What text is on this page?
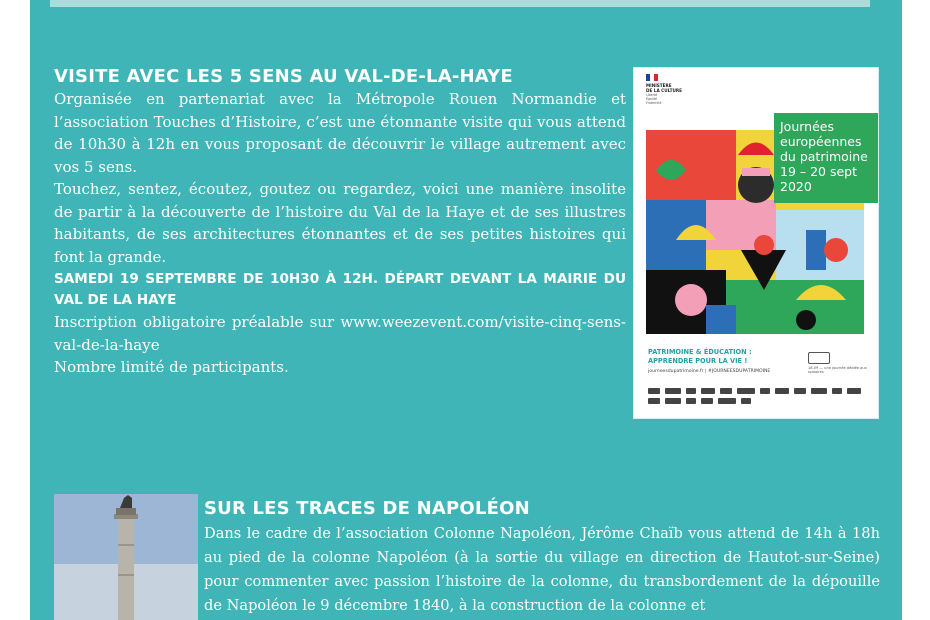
VISITE AVEC LES 5 SENS AU VAL-DE-LA-HAYE

Organisée en partenariat avec la Métropole Rouen Normandie et l’association Touches d’Histoire, c’est une étonnante visite qui vous attend de 10h30 à 12h en vous proposant de découvrir le village autrement avec vos 5 sens.

Touchez, sentez, écoutez, goutez ou regardez, voici une manière insolite de partir à la découverte de l’histoire du Val de la Haye et de ses illustres habitants, de ses architectures étonnantes et de ses petites histoires qui font la grande.

SAMEDI 19 SEPTEMBRE DE 10H30 À 12H. DÉPART DEVANT LA MAIRIE DU VAL DE LA HAYE

Inscription obligatoire préalable sur www.weezevent.com/visite-cinq-sens-val-de-la-haye

Nombre limité de participants.

MINISTÈRE
DE LA CULTURE
Liberté Égalité Fraternité
Journées
européennes
du patrimoine
19 – 20 sept
2020
PATRIMOINE & ÉDUCATION :
APPRENDRE POUR LA VIE !
journeesdupatrimoine.fr | #JOURNEESDUPATRIMOINE
18.09 — une journée dédiée aux scolaires
SUR LES TRACES DE NAPOLÉON

Dans le cadre de l’association Colonne Napoléon, Jérôme Chaïb vous attend de 14h à 18h au pied de la colonne Napoléon (à la sortie du village en direction de Hautot-sur-Seine) pour commenter avec passion l’histoire de la colonne, du transbordement de la dépouille de Napoléon le 9 décembre 1840, à la construction de la colonne et
